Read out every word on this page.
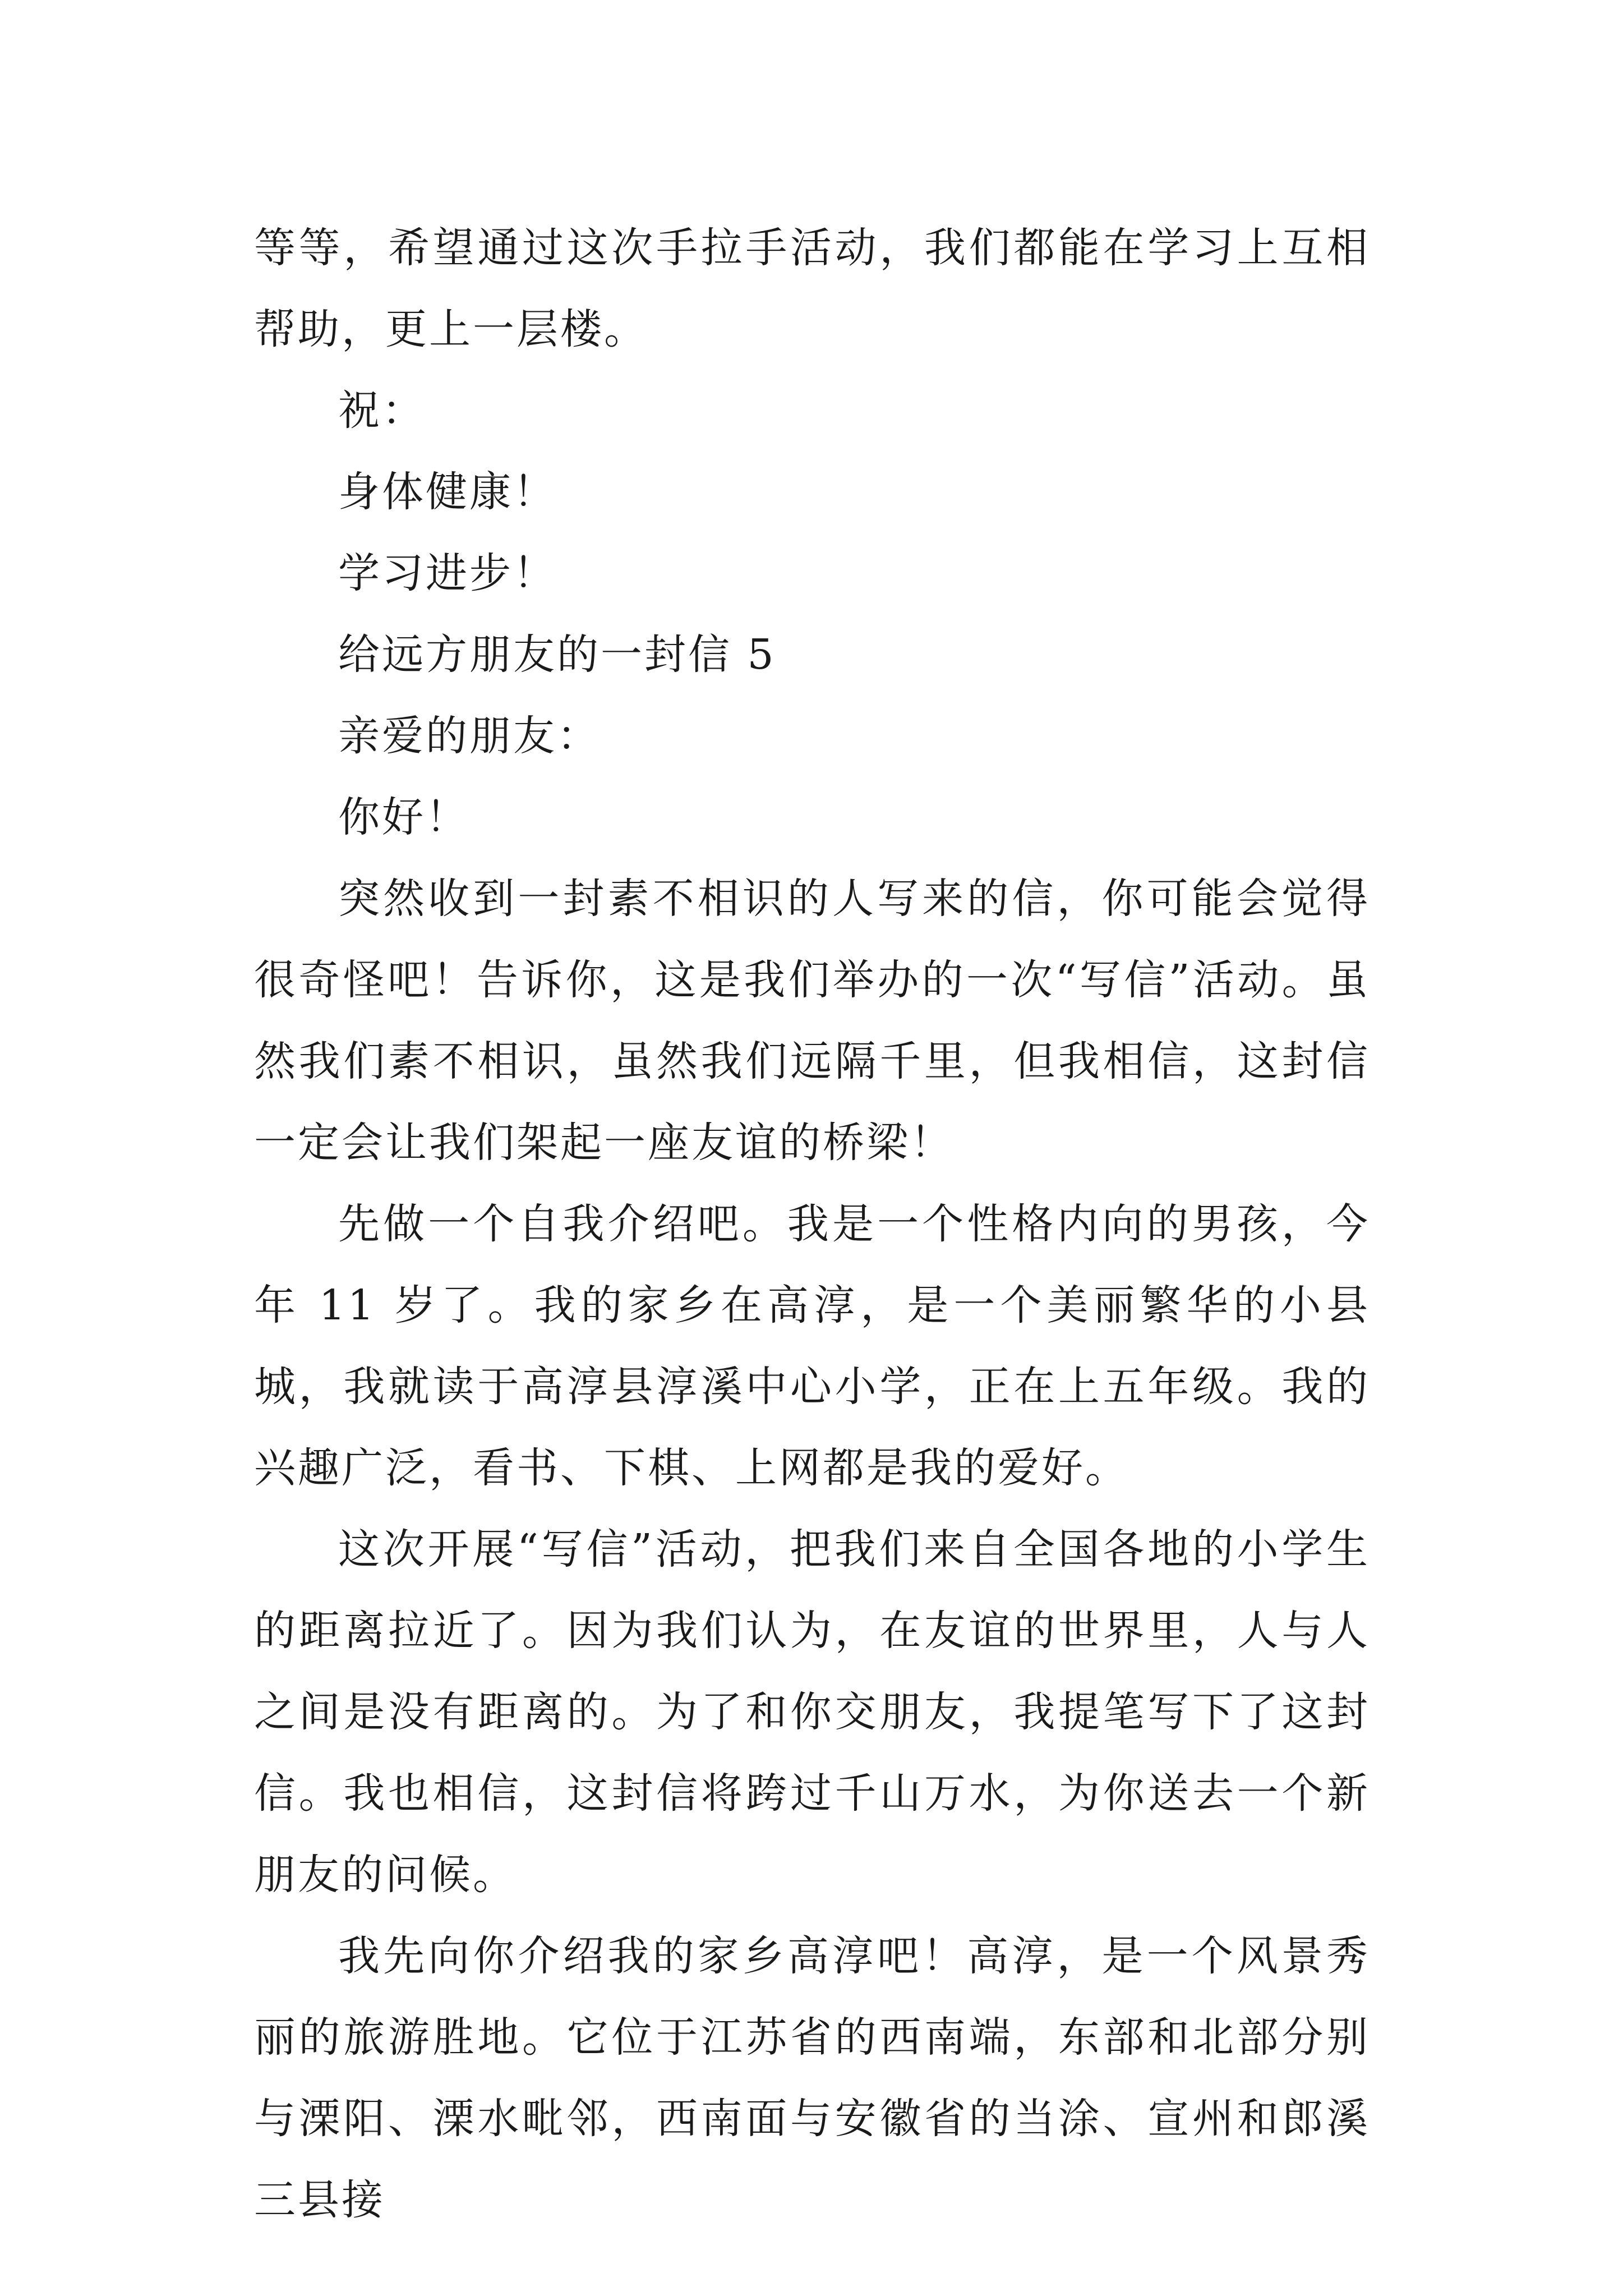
等等，希望通过这次手拉手活动，我们都能在学习上互相帮助，更上一层楼。

祝：

身体健康！

学习进步！

给远方朋友的一封信 5

亲爱的朋友：

你好！

突然收到一封素不相识的人写来的信，你可能会觉得很奇怪吧！告诉你，这是我们举办的一次“写信”活动。虽然我们素不相识，虽然我们远隔千里，但我相信，这封信一定会让我们架起一座友谊的桥梁！

先做一个自我介绍吧。我是一个性格内向的男孩，今年 11 岁了。我的家乡在高淳，是一个美丽繁华的小县城，我就读于高淳县淳溪中心小学，正在上五年级。我的兴趣广泛，看书、下棋、上网都是我的爱好。

这次开展“写信”活动，把我们来自全国各地的小学生的距离拉近了。因为我们认为，在友谊的世界里，人与人之间是没有距离的。为了和你交朋友，我提笔写下了这封信。我也相信，这封信将跨过千山万水，为你送去一个新朋友的问候。

我先向你介绍我的家乡高淳吧！高淳，是一个风景秀丽的旅游胜地。它位于江苏省的西南端，东部和北部分别与溧阳、溧水毗邻，西南面与安徽省的当涂、宣州和郎溪三县接
